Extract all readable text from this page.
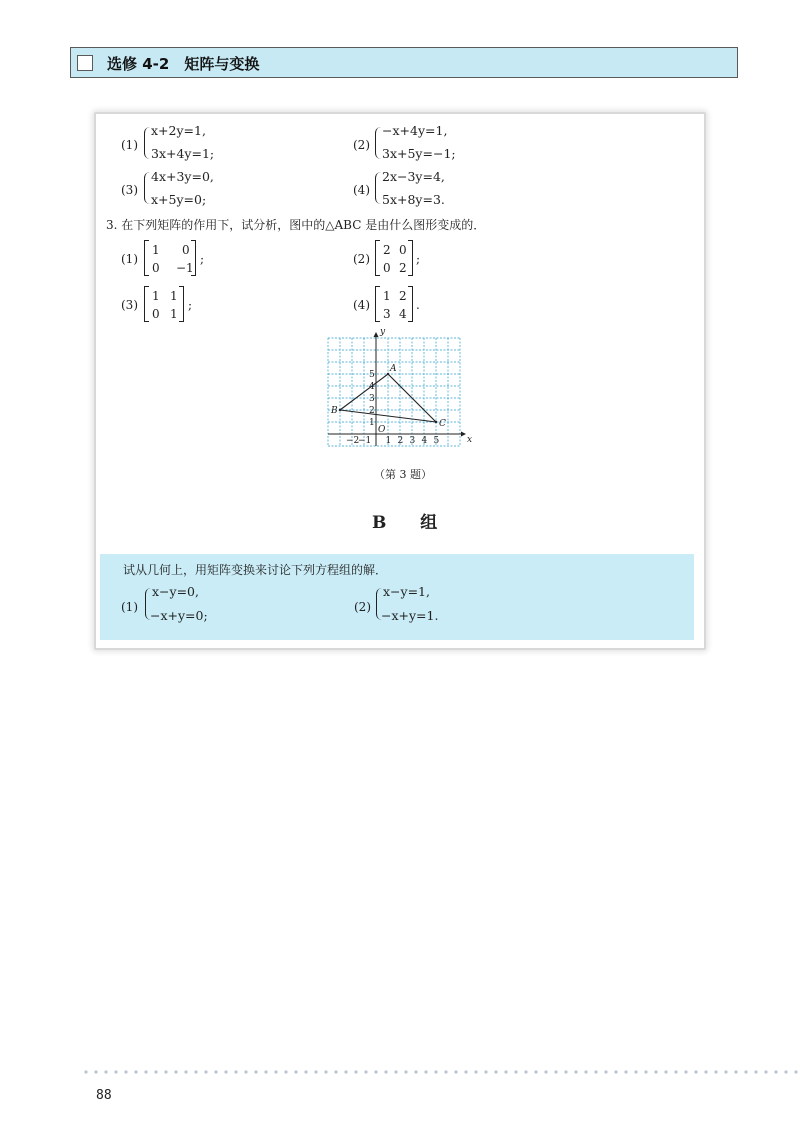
选修 4-2　矩阵与变换
(1)
x+2y=1,
3x+4y=1;
(2)
−x+4y=1,
3x+5y=−1;
(3)
4x+3y=0,
x+5y=0;
(4)
2x−3y=4,
5x+8y=3.
3. 在下列矩阵的作用下，试分析，图中的△ABC 是由什么图形变成的．
(1)
1 0
0 −1
;	(2)
2 0
0 2
;
(3)
1 1
0 1
;	(4)
1 2
3 4
.
A
B
C
−2
−1 1 2 3 4 5
1
2
3
4
5
x
y
O
（第 3 题）
B 组
试从几何上，用矩阵变换来讨论下列方程组的解．
(1)
x−y=0,
−x+y=0;
(2)
x−y=1,
−x+y=1.
88
